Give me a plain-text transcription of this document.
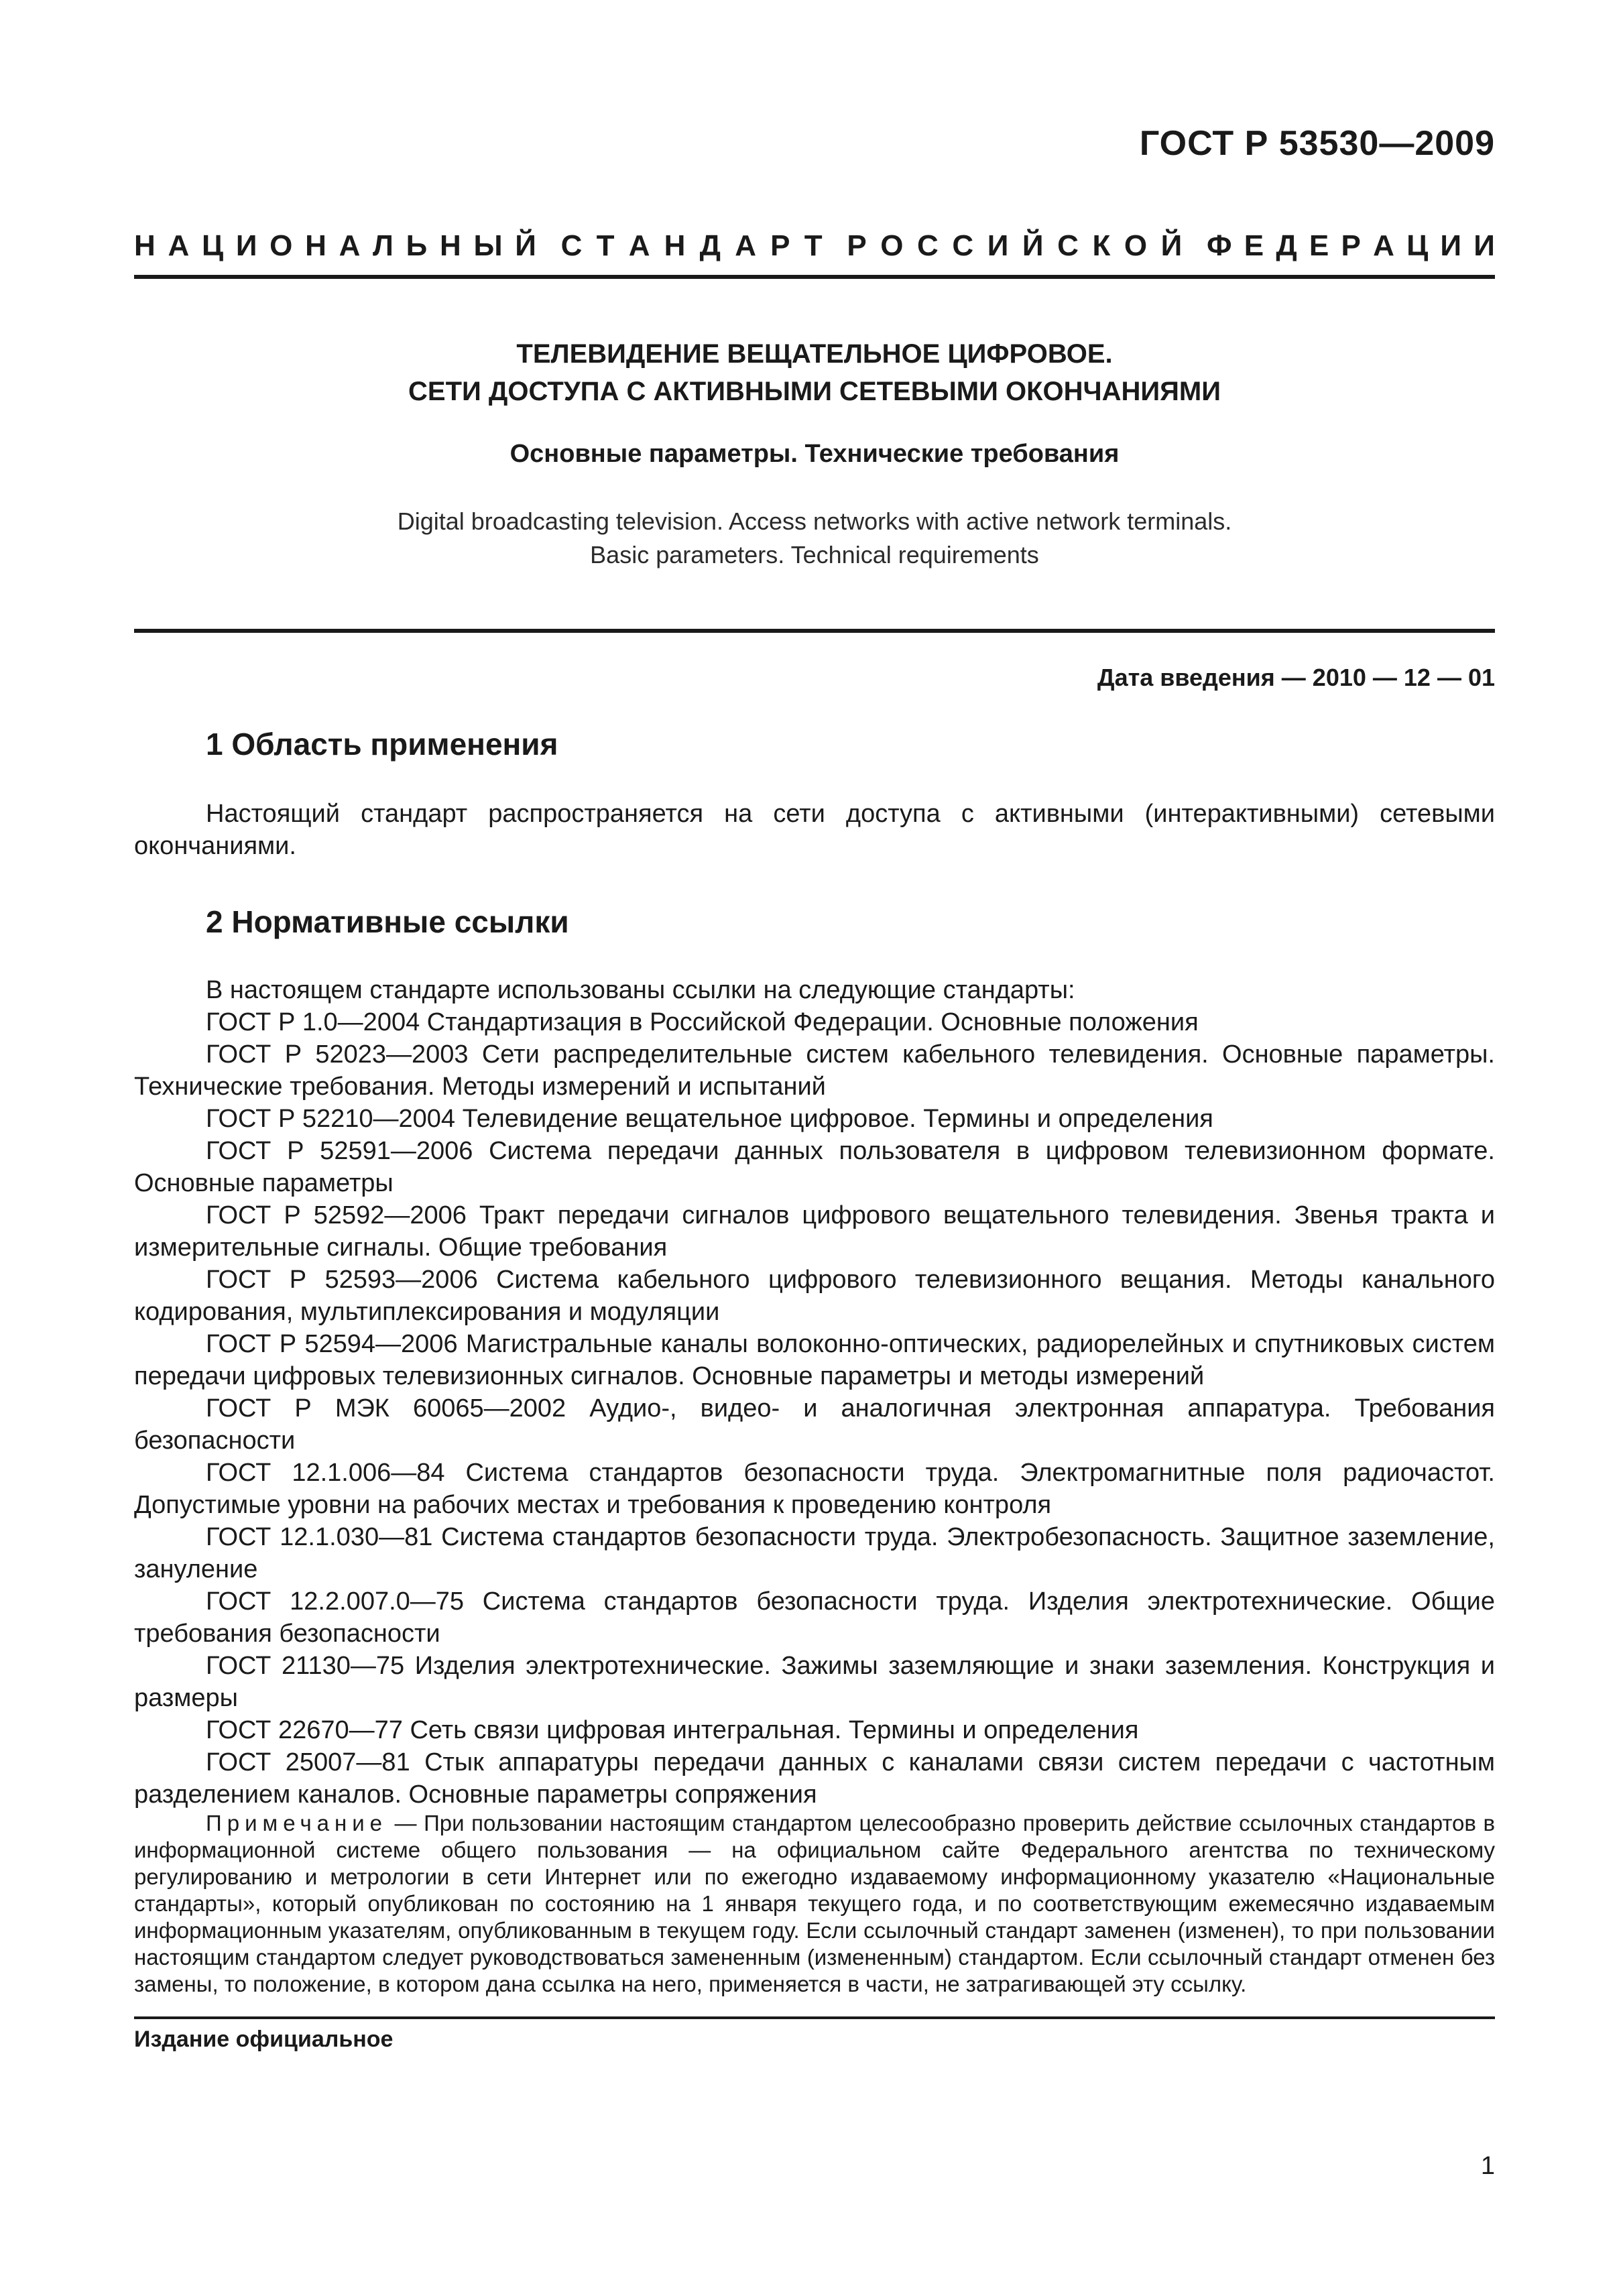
ГОСТ Р 53530—2009
Н А Ц И О Н А Л Ь Н Ы Й С Т А Н Д А Р Т Р О С С И Й С К О Й Ф Е Д Е Р А Ц И И
ТЕЛЕВИДЕНИЕ ВЕЩАТЕЛЬНОЕ ЦИФРОВОЕ.
СЕТИ ДОСТУПА С АКТИВНЫМИ СЕТЕВЫМИ ОКОНЧАНИЯМИ
Основные параметры. Технические требования
Digital broadcasting television. Access networks with active network terminals.
Basic parameters. Technical requirements
Дата введения — 2010 — 12 — 01
1 Область применения

Настоящий стандарт распространяется на сети доступа с активными (интерактивными) сетевыми окончаниями.

2 Нормативные ссылки

В настоящем стандарте использованы ссылки на следующие стандарты:

ГОСТ Р 1.0—2004 Стандартизация в Российской Федерации. Основные положения

ГОСТ Р 52023—2003 Сети распределительные систем кабельного телевидения. Основные параметры. Технические требования. Методы измерений и испытаний

ГОСТ Р 52210—2004 Телевидение вещательное цифровое. Термины и определения

ГОСТ Р 52591—2006 Система передачи данных пользователя в цифровом телевизионном формате. Основные параметры

ГОСТ Р 52592—2006 Тракт передачи сигналов цифрового вещательного телевидения. Звенья тракта и измерительные сигналы. Общие требования

ГОСТ Р 52593—2006 Система кабельного цифрового телевизионного вещания. Методы канального кодирования, мультиплексирования и модуляции

ГОСТ Р 52594—2006 Магистральные каналы волоконно-оптических, радиорелейных и спутниковых систем передачи цифровых телевизионных сигналов. Основные параметры и методы измерений

ГОСТ Р МЭК 60065—2002 Аудио-, видео- и аналогичная электронная аппаратура. Требования безопасности

ГОСТ 12.1.006—84 Система стандартов безопасности труда. Электромагнитные поля радиочастот. Допустимые уровни на рабочих местах и требования к проведению контроля

ГОСТ 12.1.030—81 Система стандартов безопасности труда. Электробезопасность. Защитное заземление, зануление

ГОСТ 12.2.007.0—75 Система стандартов безопасности труда. Изделия электротехнические. Общие требования безопасности

ГОСТ 21130—75 Изделия электротехнические. Зажимы заземляющие и знаки заземления. Конструкция и размеры

ГОСТ 22670—77 Сеть связи цифровая интегральная. Термины и определения

ГОСТ 25007—81 Стык аппаратуры передачи данных с каналами связи систем передачи с частотным разделением каналов. Основные параметры сопряжения

Примечание — При пользовании настоящим стандартом целесообразно проверить действие ссылочных стандартов в информационной системе общего пользования — на официальном сайте Федерального агентства по техническому регулированию и метрологии в сети Интернет или по ежегодно издаваемому информационному указателю «Национальные стандарты», который опубликован по состоянию на 1 января текущего года, и по соответствующим ежемесячно издаваемым информационным указателям, опубликованным в текущем году. Если ссылочный стандарт заменен (изменен), то при пользовании настоящим стандартом следует руководствоваться замененным (измененным) стандартом. Если ссылочный стандарт отменен без замены, то положение, в котором дана ссылка на него, применяется в части, не затрагивающей эту ссылку.

Издание официальное
1
